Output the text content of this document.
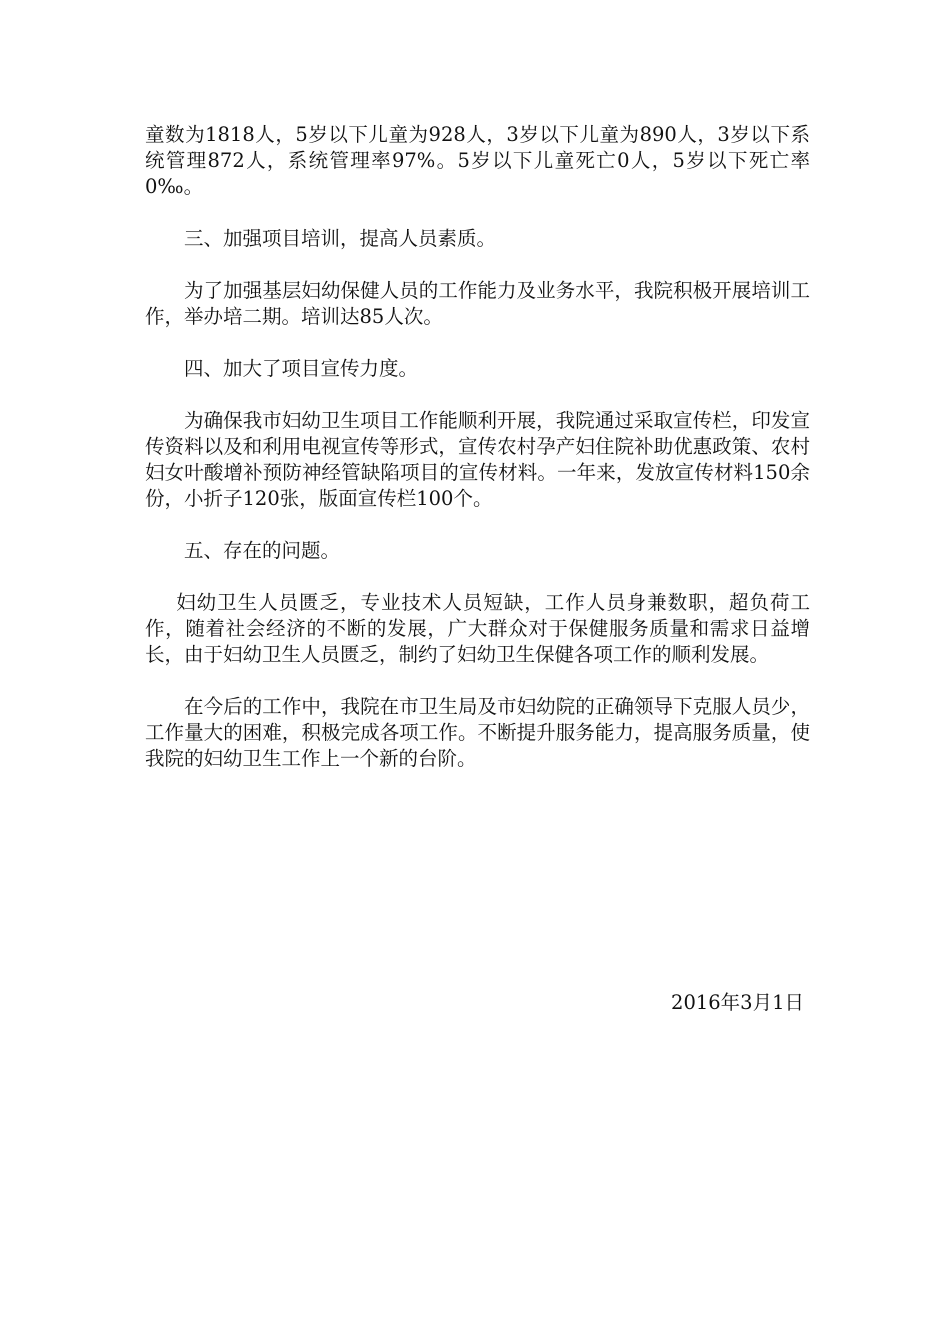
童数为1818人，5岁以下儿童为928人，3岁以下儿童为890人，3岁以下系统管理872人，系统管理率97%。5岁以下儿童死亡0人，5岁以下死亡率0‰。

三、加强项目培训，提高人员素质。

为了加强基层妇幼保健人员的工作能力及业务水平，我院积极开展培训工作，举办培二期。培训达85人次。

四、加大了项目宣传力度。

为确保我市妇幼卫生项目工作能顺利开展，我院通过采取宣传栏，印发宣传资料以及和利用电视宣传等形式，宣传农村孕产妇住院补助优惠政策、农村妇女叶酸增补预防神经管缺陷项目的宣传材料。一年来，发放宣传材料150余份，小折子120张，版面宣传栏100个。

五、存在的问题。

妇幼卫生人员匮乏，专业技术人员短缺，工作人员身兼数职，超负荷工作，随着社会经济的不断的发展，广大群众对于保健服务质量和需求日益增长，由于妇幼卫生人员匮乏，制约了妇幼卫生保健各项工作的顺利发展。

在今后的工作中，我院在市卫生局及市妇幼院的正确领导下克服人员少，工作量大的困难，积极完成各项工作。不断提升服务能力，提高服务质量，使我院的妇幼卫生工作上一个新的台阶。

2016年3月1日
